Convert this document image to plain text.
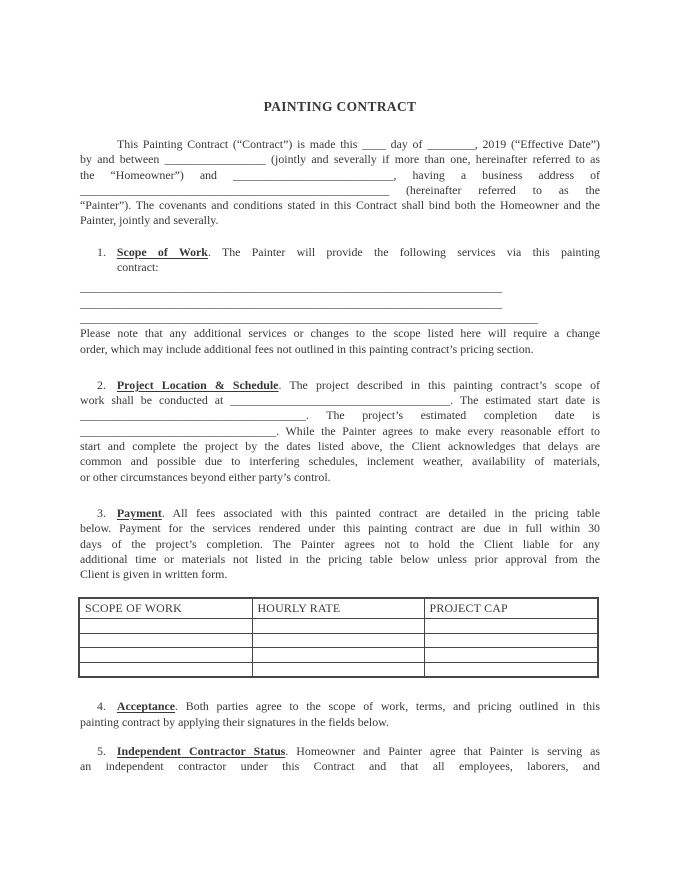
PAINTING CONTRACT
This Painting Contract (“Contract”) is made this ____ day of ________, 2019 (“Effective Date”)
by and between _________________ (jointly and severally if more than one, hereinafter referred to as
the “Homeowner”) and ___________________________, having a business address of
____________________________________________________ (hereinafter referred to as the
“Painter”). The covenants and conditions stated in this Contract shall bind both the Homeowner and the
Painter, jointly and severally.
1. Scope of Work. The Painter will provide the following services via this painting
contract:
_______________________________________________________________________
_______________________________________________________________________
_____________________________________________________________________________
Please note that any additional services or changes to the scope listed here will require a change
order, which may include additional fees not outlined in this painting contract’s pricing section.
2. Project Location & Schedule. The project described in this painting contract’s scope of
work shall be conducted at _____________________________________. The estimated start date is
______________________________________. The project’s estimated completion date is
_________________________________. While the Painter agrees to make every reasonable effort to
start and complete the project by the dates listed above, the Client acknowledges that delays are
common and possible due to interfering schedules, inclement weather, availability of materials,
or other circumstances beyond either party’s control.
3. Payment. All fees associated with this painted contract are detailed in the pricing table
below. Payment for the services rendered under this painting contract are due in full within 30
days of the project’s completion. The Painter agrees not to hold the Client liable for any
additional time or materials not listed in the pricing table below unless prior approval from the
Client is given in written form.
SCOPE OF WORK	HOURLY RATE	PROJECT CAP

4. Acceptance. Both parties agree to the scope of work, terms, and pricing outlined in this
painting contract by applying their signatures in the fields below.
5. Independent Contractor Status. Homeowner and Painter agree that Painter is serving as
an independent contractor under this Contract and that all employees, laborers, and
